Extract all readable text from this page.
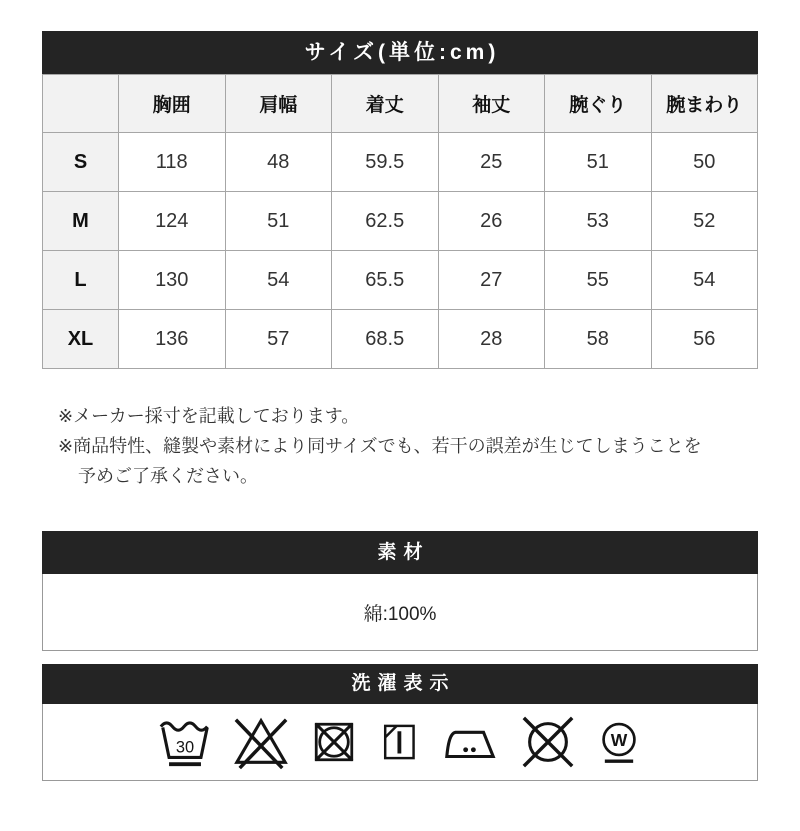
サイズ(単位:cm)
	胸囲	肩幅	着丈	袖丈	腕ぐり	腕まわり
S	118	48	59.5	25	51	50
M	124	51	62.5	26	53	52
L	130	54	65.5	27	55	54
XL	136	57	68.5	28	58	56
※メーカー採寸を記載しております。
※商品特性、縫製や素材により同サイズでも、若干の誤差が生じてしまうことを
予めご了承ください。
素材
綿:100%
洗濯表示
30	W
